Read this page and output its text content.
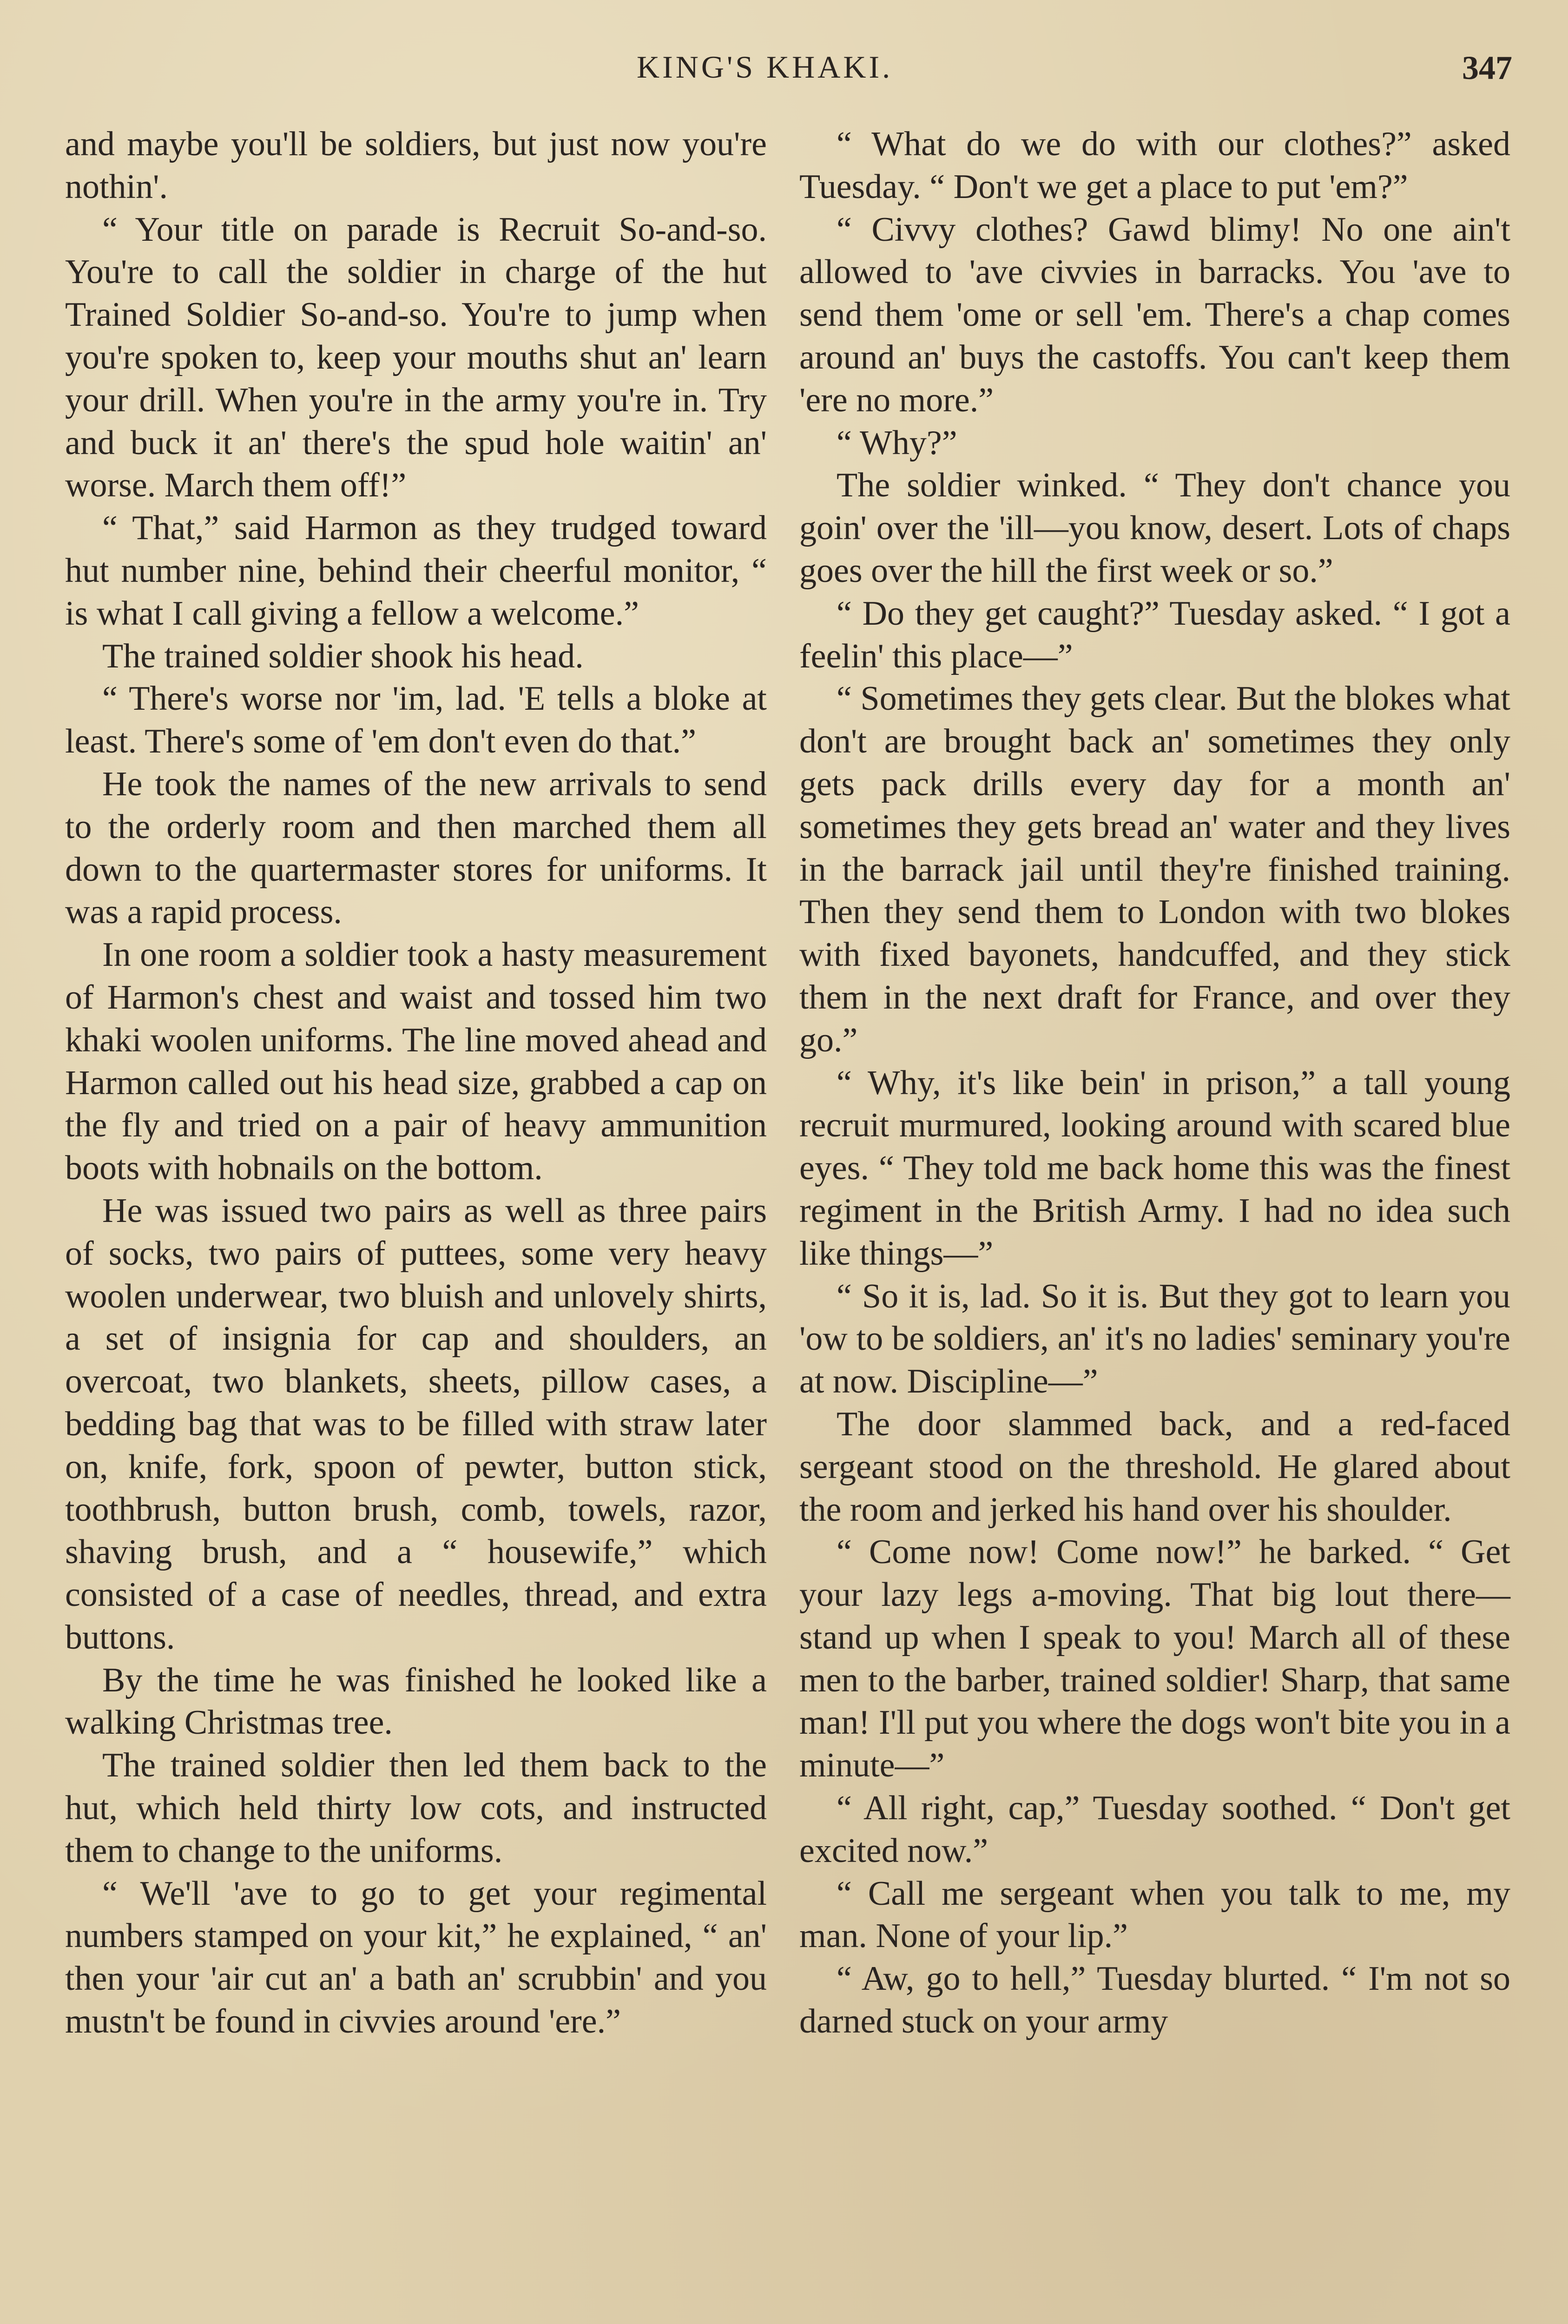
KING'S KHAKI.	347

and maybe you'll be soldiers, but just now you're nothin'.

“ Your title on parade is Recruit So-and-so. You're to call the soldier in charge of the hut Trained Soldier So-and-so. You're to jump when you're spoken to, keep your mouths shut an' learn your drill. When you're in the army you're in. Try and buck it an' there's the spud hole waitin' an' worse. March them off!”

“ That,” said Harmon as they trudged toward hut number nine, behind their cheerful monitor, “ is what I call giving a fellow a welcome.”

The trained soldier shook his head.

“ There's worse nor 'im, lad. 'E tells a bloke at least. There's some of 'em don't even do that.”

He took the names of the new arrivals to send to the orderly room and then marched them all down to the quartermaster stores for uniforms. It was a rapid process.

In one room a soldier took a hasty measurement of Harmon's chest and waist and tossed him two khaki woolen uniforms. The line moved ahead and Harmon called out his head size, grabbed a cap on the fly and tried on a pair of heavy ammunition boots with hobnails on the bottom.

He was issued two pairs as well as three pairs of socks, two pairs of puttees, some very heavy woolen underwear, two bluish and unlovely shirts, a set of insignia for cap and shoulders, an overcoat, two blankets, sheets, pillow cases, a bedding bag that was to be filled with straw later on, knife, fork, spoon of pewter, button stick, toothbrush, button brush, comb, towels, razor, shaving brush, and a “ housewife,” which consisted of a case of needles, thread, and extra buttons.

By the time he was finished he looked like a walking Christmas tree.

The trained soldier then led them back to the hut, which held thirty low cots, and instructed them to change to the uniforms.

“ We'll 'ave to go to get your regimental numbers stamped on your kit,” he explained, “ an' then your 'air cut an' a bath an' scrubbin' and you mustn't be found in civvies around 'ere.”

“ What do we do with our clothes?” asked Tuesday. “ Don't we get a place to put 'em?”

“ Civvy clothes? Gawd blimy! No one ain't allowed to 'ave civvies in barracks. You 'ave to send them 'ome or sell 'em. There's a chap comes around an' buys the castoffs. You can't keep them 'ere no more.”

“ Why?”

The soldier winked. “ They don't chance you goin' over the 'ill—you know, desert. Lots of chaps goes over the hill the first week or so.”

“ Do they get caught?” Tuesday asked. “ I got a feelin' this place—”

“ Sometimes they gets clear. But the blokes what don't are brought back an' sometimes they only gets pack drills every day for a month an' sometimes they gets bread an' water and they lives in the barrack jail until they're finished training. Then they send them to London with two blokes with fixed bayonets, handcuffed, and they stick them in the next draft for France, and over they go.”

“ Why, it's like bein' in prison,” a tall young recruit murmured, looking around with scared blue eyes. “ They told me back home this was the finest regiment in the British Army. I had no idea such like things—”

“ So it is, lad. So it is. But they got to learn you 'ow to be soldiers, an' it's no ladies' seminary you're at now. Discipline—”

The door slammed back, and a red-faced sergeant stood on the threshold. He glared about the room and jerked his hand over his shoulder.

“ Come now! Come now!” he barked. “ Get your lazy legs a-moving. That big lout there—stand up when I speak to you! March all of these men to the barber, trained soldier! Sharp, that same man! I'll put you where the dogs won't bite you in a minute—”

“ All right, cap,” Tuesday soothed. “ Don't get excited now.”

“ Call me sergeant when you talk to me, my man. None of your lip.”

“ Aw, go to hell,” Tuesday blurted. “ I'm not so darned stuck on your army
